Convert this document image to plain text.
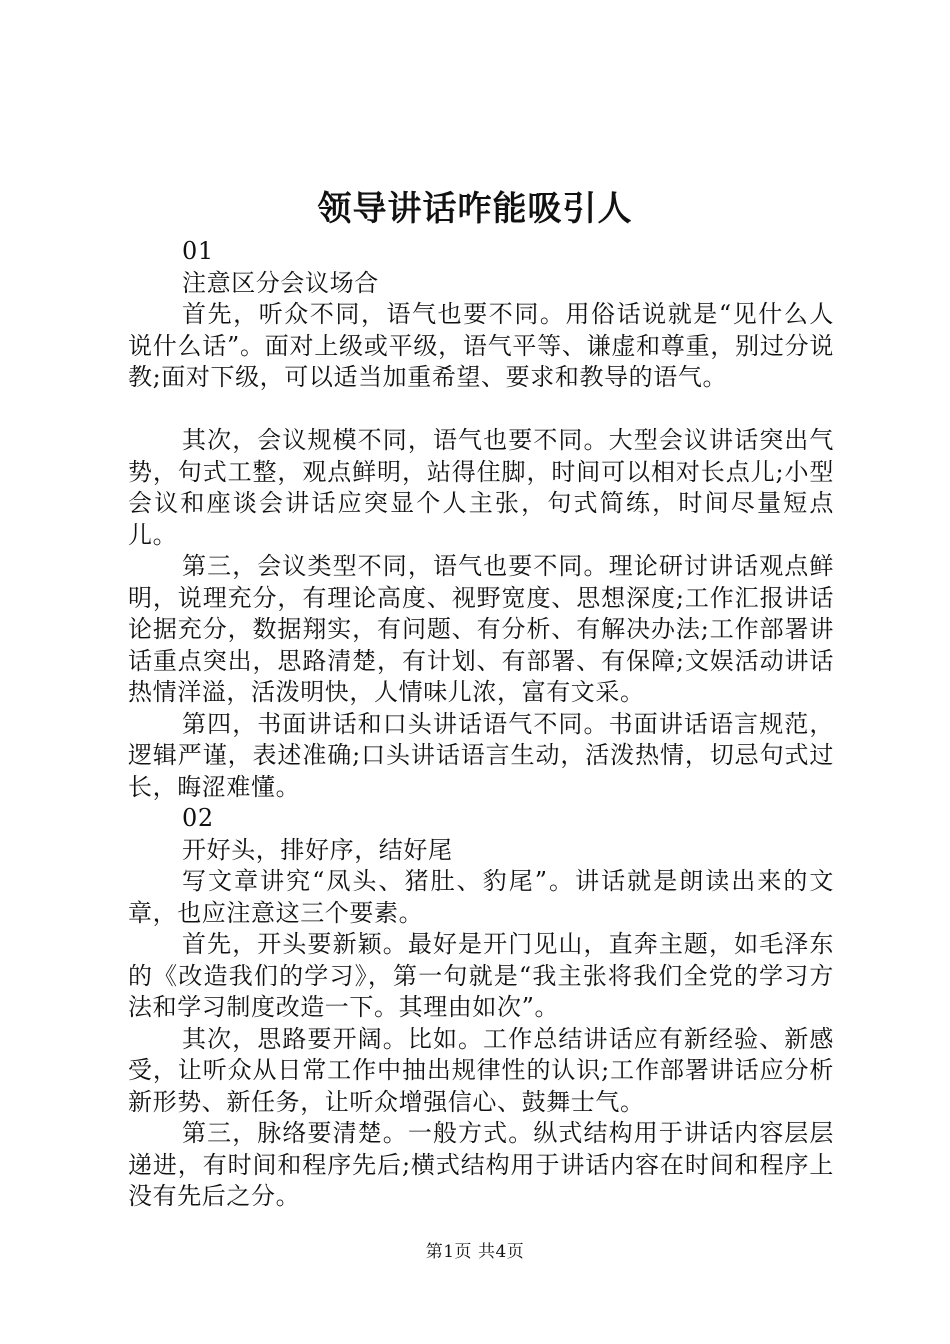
领导讲话咋能吸引人

01

注意区分会议场合

首先，听众不同，语气也要不同。用俗话说就是“见什么人说什么话”。面对上级或平级，语气平等、谦虚和尊重，别过分说教;面对下级，可以适当加重希望、要求和教导的语气。

其次，会议规模不同，语气也要不同。大型会议讲话突出气势，句式工整，观点鲜明，站得住脚，时间可以相对长点儿;小型会议和座谈会讲话应突显个人主张，句式简练，时间尽量短点儿。

第三，会议类型不同，语气也要不同。理论研讨讲话观点鲜明，说理充分，有理论高度、视野宽度、思想深度;工作汇报讲话论据充分，数据翔实，有问题、有分析、有解决办法;工作部署讲话重点突出，思路清楚，有计划、有部署、有保障;文娱活动讲话热情洋溢，活泼明快，人情味儿浓，富有文采。

第四，书面讲话和口头讲话语气不同。书面讲话语言规范，逻辑严谨，表述准确;口头讲话语言生动，活泼热情，切忌句式过长，晦涩难懂。

02

开好头，排好序，结好尾

写文章讲究“凤头、猪肚、豹尾”。讲话就是朗读出来的文章，也应注意这三个要素。

首先，开头要新颖。最好是开门见山，直奔主题，如毛泽东的《改造我们的学习》，第一句就是“我主张将我们全党的学习方法和学习制度改造一下。其理由如次”。

其次，思路要开阔。比如。工作总结讲话应有新经验、新感受，让听众从日常工作中抽出规律性的认识;工作部署讲话应分析新形势、新任务，让听众增强信心、鼓舞士气。

第三，脉络要清楚。一般方式。纵式结构用于讲话内容层层递进，有时间和程序先后;横式结构用于讲话内容在时间和程序上没有先后之分。

第1页 共4页
